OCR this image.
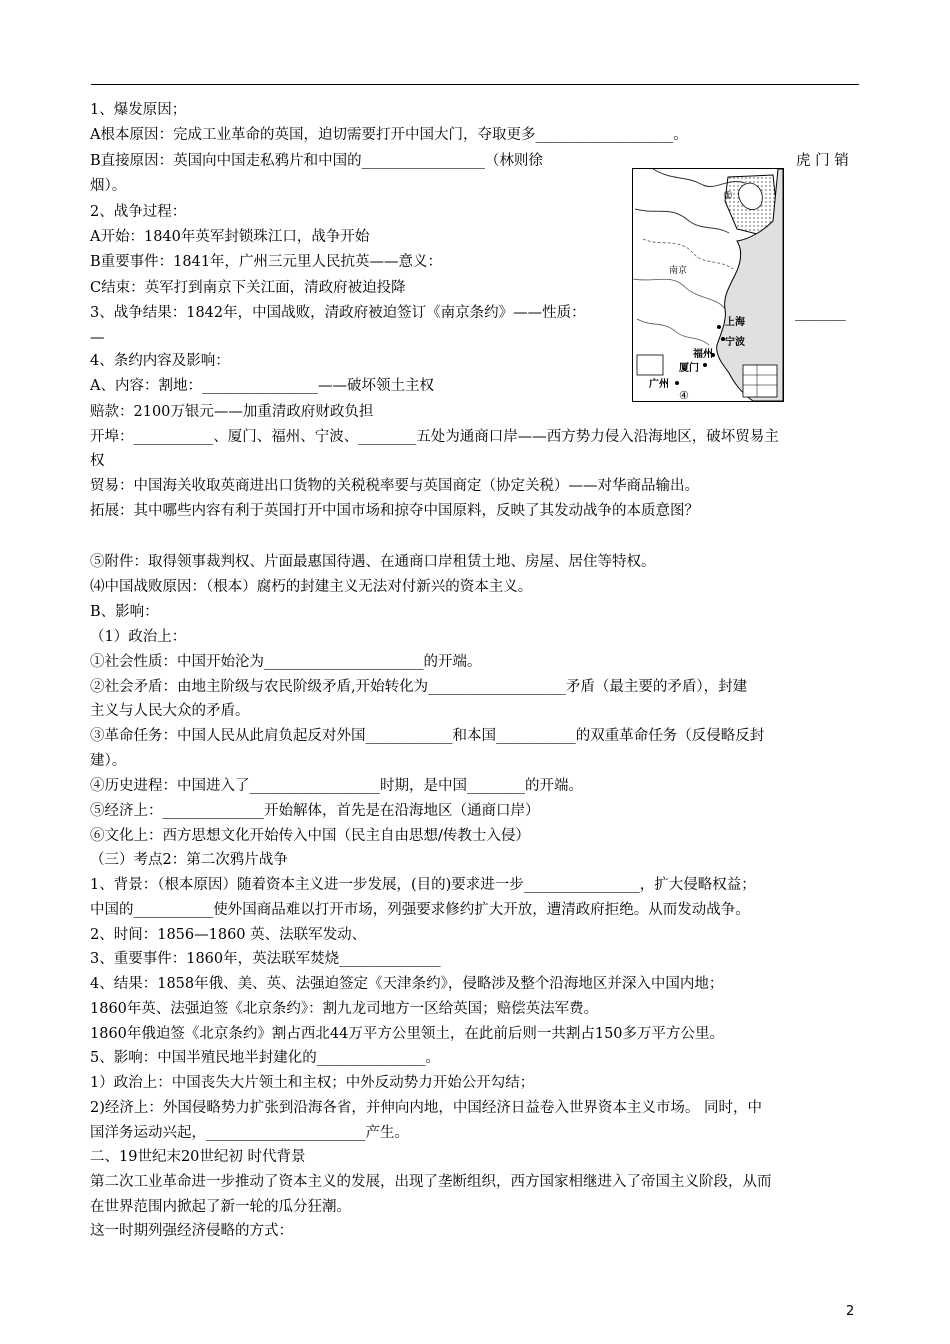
1、爆发原因；
A根本原因：完成工业革命的英国，迫切需要打开中国大门，夺取更多___________________。
B直接原因：英国向中国走私鸦片和中国的_________________（林则徐
烟）。
2、战争过程：
A开始：1840年英军封锁珠江口，战争开始
B重要事件：1841年，广州三元里人民抗英——意义：
C结束：英军打到南京下关江面，清政府被迫投降
3、战争结果：1842年，中国战败，清政府被迫签订《南京条约》——性质：
—
4、条约内容及影响：
A、内容：割地：________________——破坏领土主权
赔款：2100万银元——加重清政府财政负担
开埠：___________、厦门、福州、宁波、________五处为通商口岸——西方势力侵入沿海地区，破坏贸易主
权
贸易：中国海关收取英商进出口货物的关税税率要与英国商定（协定关税）——对华商品输出。
拓展：其中哪些内容有利于英国打开中国市场和掠夺中国原料，反映了其发动战争的本质意图？
⑤附件：取得领事裁判权、片面最惠国待遇、在通商口岸租赁土地、房屋、居住等特权。
⑷中国战败原因：（根本）腐朽的封建主义无法对付新兴的资本主义。
B、影响：
（1）政治上：
①社会性质：中国开始沦为______________________的开端。
②社会矛盾：由地主阶级与农民阶级矛盾,开始转化为___________________矛盾（最主要的矛盾），封建
主义与人民大众的矛盾。
③革命任务：中国人民从此肩负起反对外国____________和本国___________的双重革命任务（反侵略反封
建）。
④历史进程：中国进入了__________________时期，是中国________的开端。
⑤经济上：______________开始解体，首先是在沿海地区（通商口岸）
⑥文化上：西方思想文化开始传入中国（民主自由思想/传教士入侵）
（三）考点2：第二次鸦片战争
1、背景：（根本原因）随着资本主义进一步发展，(目的)要求进一步________________，扩大侵略权益；
中国的___________使外国商品难以打开市场，列强要求修约扩大开放，遭清政府拒绝。从而发动战争。
2、时间：1856—1860 英、法联军发动、
3、重要事件：1860年，英法联军焚烧______________
4、结果：1858年俄、美、英、法强迫签定《天津条约》，侵略涉及整个沿海地区并深入中国内地；
1860年英、法强迫签《北京条约》：割九龙司地方一区给英国；赔偿英法军费。
1860年俄迫签《北京条约》割占西北44万平方公里领土，在此前后则一共割占150多万平方公里。
5、影响：中国半殖民地半封建化的_______________。
1）政治上：中国丧失大片领土和主权；中外反动势力开始公开勾结；
2)经济上：外国侵略势力扩张到沿海各省，并伸向内地，中国经济日益卷入世界资本主义市场。 同时，中
国洋务运动兴起，______________________产生。
二、19世纪末20世纪初 时代背景
第二次工业革命进一步推动了资本主义的发展，出现了垄断组织，西方国家相继进入了帝国主义阶段，从而
在世界范围内掀起了新一轮的瓜分狂潮。
这一时期列强经济侵略的方式：
虎 门 销
_______
①
④
南京
上海
宁波
福州
厦门
广州
2
